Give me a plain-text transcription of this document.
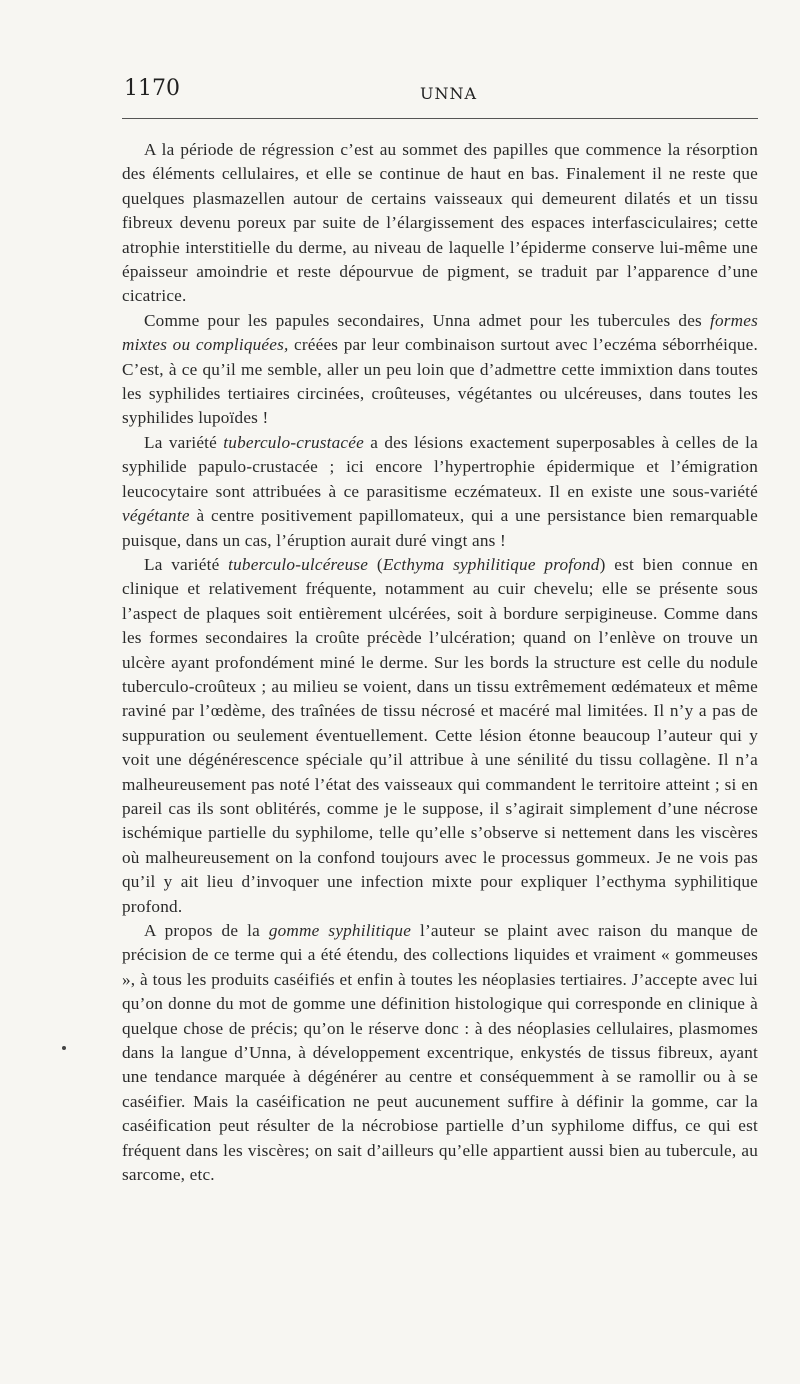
1170	UNNA

A la période de régression c’est au sommet des papilles que commence la résorption des éléments cellulaires, et elle se continue de haut en bas. Finalement il ne reste que quelques plasmazellen autour de certains vaisseaux qui demeurent dilatés et un tissu fibreux devenu poreux par suite de l’élargissement des espaces interfasciculaires; cette atrophie interstitielle du derme, au niveau de laquelle l’épiderme conserve lui-même une épaisseur amoindrie et reste dépourvue de pigment, se traduit par l’apparence d’une cicatrice.

Comme pour les papules secondaires, Unna admet pour les tubercules des formes mixtes ou compliquées, créées par leur combinaison surtout avec l’eczéma séborrhéique. C’est, à ce qu’il me semble, aller un peu loin que d’admettre cette immixtion dans toutes les syphilides tertiaires circinées, croûteuses, végétantes ou ulcéreuses, dans toutes les syphilides lupoïdes !

La variété tuberculo-crustacée a des lésions exactement superposables à celles de la syphilide papulo-crustacée ; ici encore l’hypertrophie épidermique et l’émigration leucocytaire sont attribuées à ce parasitisme eczémateux. Il en existe une sous-variété végétante à centre positivement papillomateux, qui a une persistance bien remarquable puisque, dans un cas, l’éruption aurait duré vingt ans !

La variété tuberculo-ulcéreuse (Ecthyma syphilitique profond) est bien connue en clinique et relativement fréquente, notamment au cuir chevelu; elle se présente sous l’aspect de plaques soit entièrement ulcérées, soit à bordure serpigineuse. Comme dans les formes secondaires la croûte précède l’ulcération; quand on l’enlève on trouve un ulcère ayant profondément miné le derme. Sur les bords la structure est celle du nodule tuberculo-croûteux ; au milieu se voient, dans un tissu extrêmement œdémateux et même raviné par l’œdème, des traînées de tissu nécrosé et macéré mal limitées. Il n’y a pas de suppuration ou seulement éventuellement. Cette lésion étonne beaucoup l’auteur qui y voit une dégénérescence spéciale qu’il attribue à une sénilité du tissu collagène. Il n’a malheureusement pas noté l’état des vaisseaux qui commandent le territoire atteint ; si en pareil cas ils sont oblitérés, comme je le suppose, il s’agirait simplement d’une nécrose ischémique partielle du syphilome, telle qu’elle s’observe si nettement dans les viscères où malheureusement on la confond toujours avec le processus gommeux. Je ne vois pas qu’il y ait lieu d’invoquer une infection mixte pour expliquer l’ecthyma syphilitique profond.

A propos de la gomme syphilitique l’auteur se plaint avec raison du manque de précision de ce terme qui a été étendu, des collections liquides et vraiment « gommeuses », à tous les produits caséifiés et enfin à toutes les néoplasies tertiaires. J’accepte avec lui qu’on donne du mot de gomme une définition histologique qui corresponde en clinique à quelque chose de précis; qu’on le réserve donc : à des néoplasies cellulaires, plasmomes dans la langue d’Unna, à développement excentrique, enkystés de tissus fibreux, ayant une tendance marquée à dégénérer au centre et conséquemment à se ramollir ou à se caséifier. Mais la caséification ne peut aucunement suffire à définir la gomme, car la caséification peut résulter de la nécrobiose partielle d’un syphilome diffus, ce qui est fréquent dans les viscères; on sait d’ailleurs qu’elle appartient aussi bien au tubercule, au sarcome, etc.
